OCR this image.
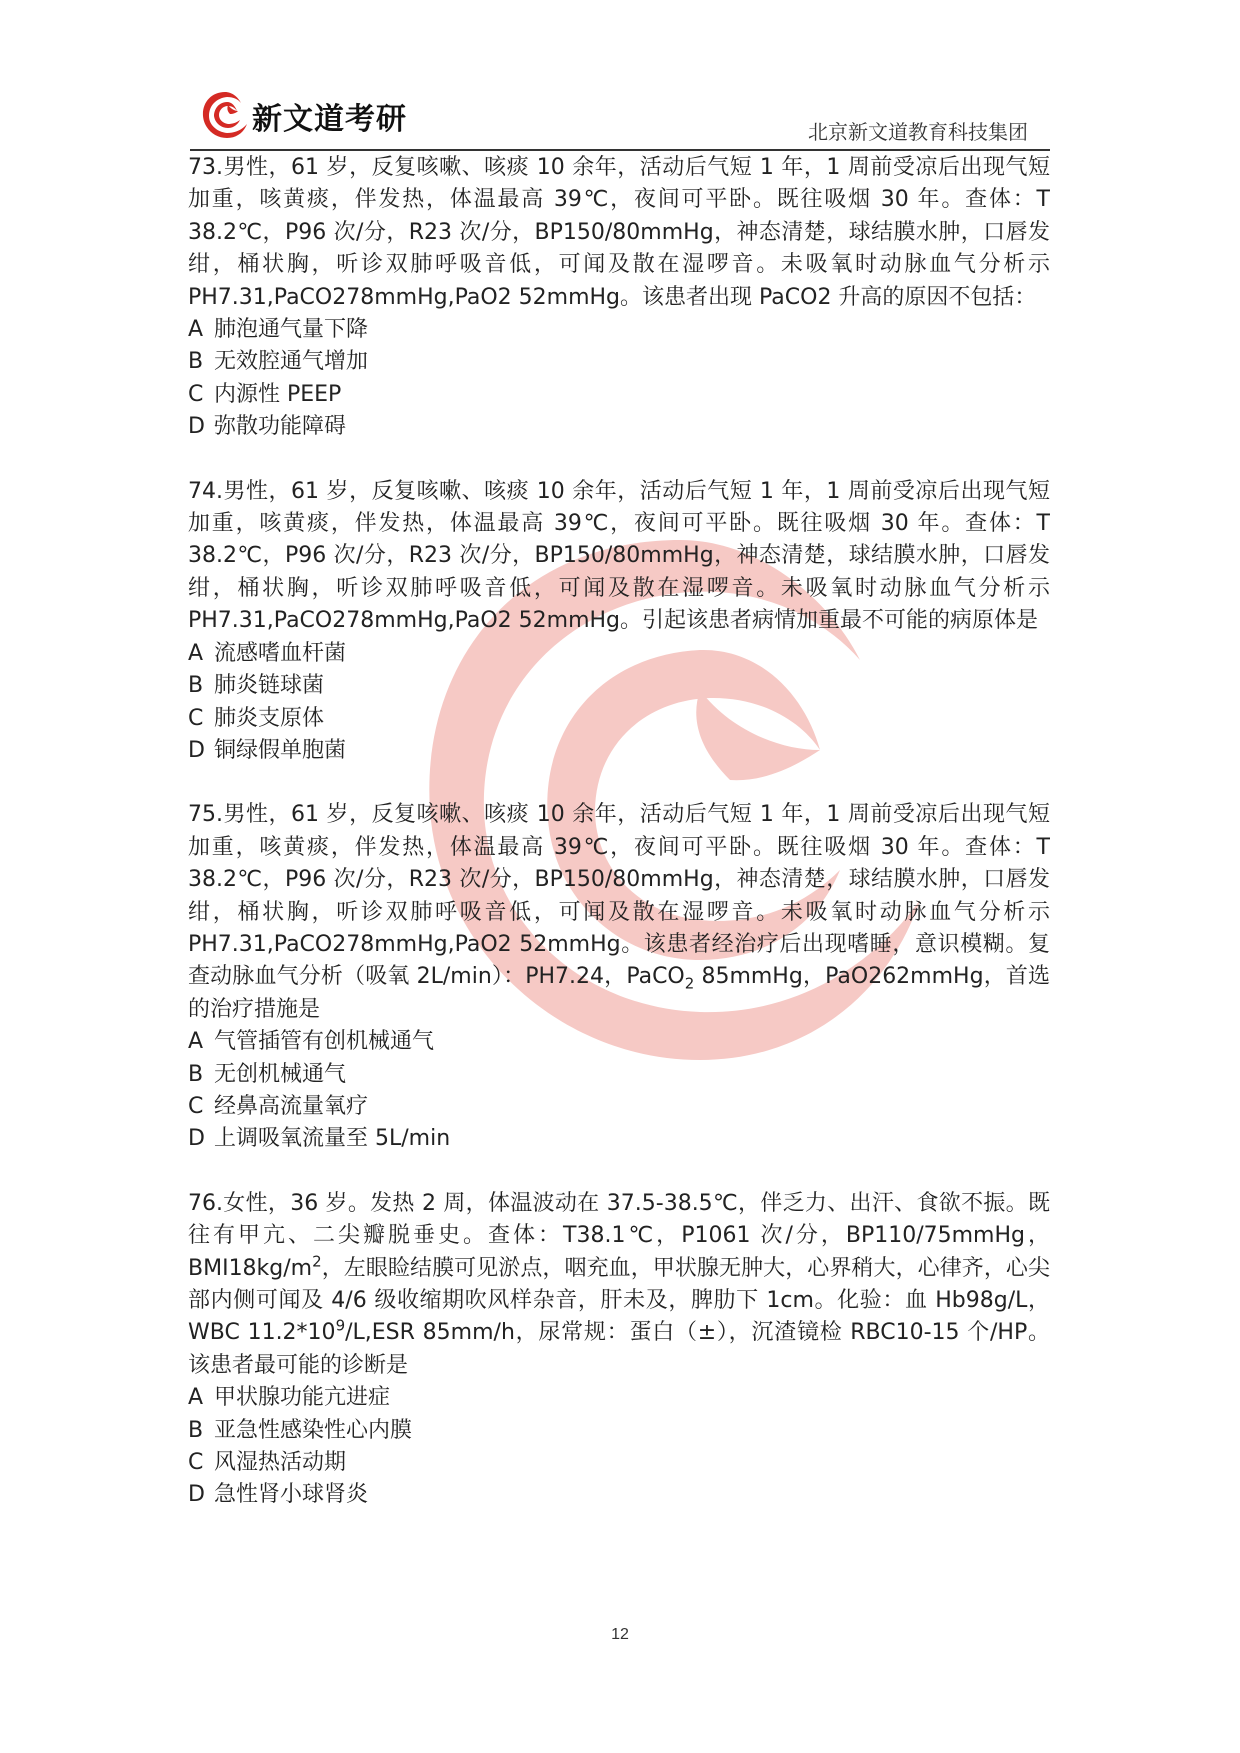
新文道考研	北京新文道教育科技集团

73.男性，61 岁，反复咳嗽、咳痰 10 余年，活动后气短 1 年，1 周前受凉后出现气短加重，咳黄痰，伴发热，体温最高 39℃，夜间可平卧。既往吸烟 30 年。查体：T 38.2℃，P96 次/分，R23 次/分，BP150/80mmHg，神态清楚，球结膜水肿，口唇发绀，桶状胸，听诊双肺呼吸音低，可闻及散在湿啰音。未吸氧时动脉血气分析示 PH7.31,PaCO278mmHg,PaO2 52mmHg。该患者出现 PaCO2 升高的原因不包括：

A 肺泡通气量下降

B 无效腔通气增加

C 内源性 PEEP

D 弥散功能障碍

74.男性，61 岁，反复咳嗽、咳痰 10 余年，活动后气短 1 年，1 周前受凉后出现气短加重，咳黄痰，伴发热，体温最高 39℃，夜间可平卧。既往吸烟 30 年。查体：T 38.2℃，P96 次/分，R23 次/分，BP150/80mmHg，神态清楚，球结膜水肿，口唇发绀，桶状胸，听诊双肺呼吸音低，可闻及散在湿啰音。未吸氧时动脉血气分析示 PH7.31,PaCO278mmHg,PaO2 52mmHg。引起该患者病情加重最不可能的病原体是

A 流感嗜血杆菌

B 肺炎链球菌

C 肺炎支原体

D 铜绿假单胞菌

75.男性，61 岁，反复咳嗽、咳痰 10 余年，活动后气短 1 年，1 周前受凉后出现气短加重，咳黄痰，伴发热，体温最高 39℃，夜间可平卧。既往吸烟 30 年。查体：T 38.2℃，P96 次/分，R23 次/分，BP150/80mmHg，神态清楚，球结膜水肿，口唇发绀，桶状胸，听诊双肺呼吸音低，可闻及散在湿啰音。未吸氧时动脉血气分析示 PH7.31,PaCO278mmHg,PaO2 52mmHg。该患者经治疗后出现嗜睡，意识模糊。复查动脉血气分析（吸氧 2L/min）：PH7.24，PaCO$_2$ 85mmHg，PaO262mmHg，首选的治疗措施是

A 气管插管有创机械通气

B 无创机械通气

C 经鼻高流量氧疗

D 上调吸氧流量至 5L/min

76.女性，36 岁。发热 2 周，体温波动在 37.5-38.5℃，伴乏力、出汗、食欲不振。既往有甲亢、二尖瓣脱垂史。查体：T38.1℃，P1061 次/分，BP110/75mmHg，$BMI18kg/m^2$，左眼睑结膜可见淤点，咽充血，甲状腺无肿大，心界稍大，心律齐，心尖部内侧可闻及 4/6 级收缩期吹风样杂音，肝未及，脾肋下 1cm。化验：血 Hb98g/L，WBC $11.2*10^9/L,ESR$ 85mm/h，尿常规：蛋白（±），沉渣镜检 RBC10-15 个/HP。该患者最可能的诊断是

A 甲状腺功能亢进症

B 亚急性感染性心内膜

C 风湿热活动期

D 急性肾小球肾炎

12
